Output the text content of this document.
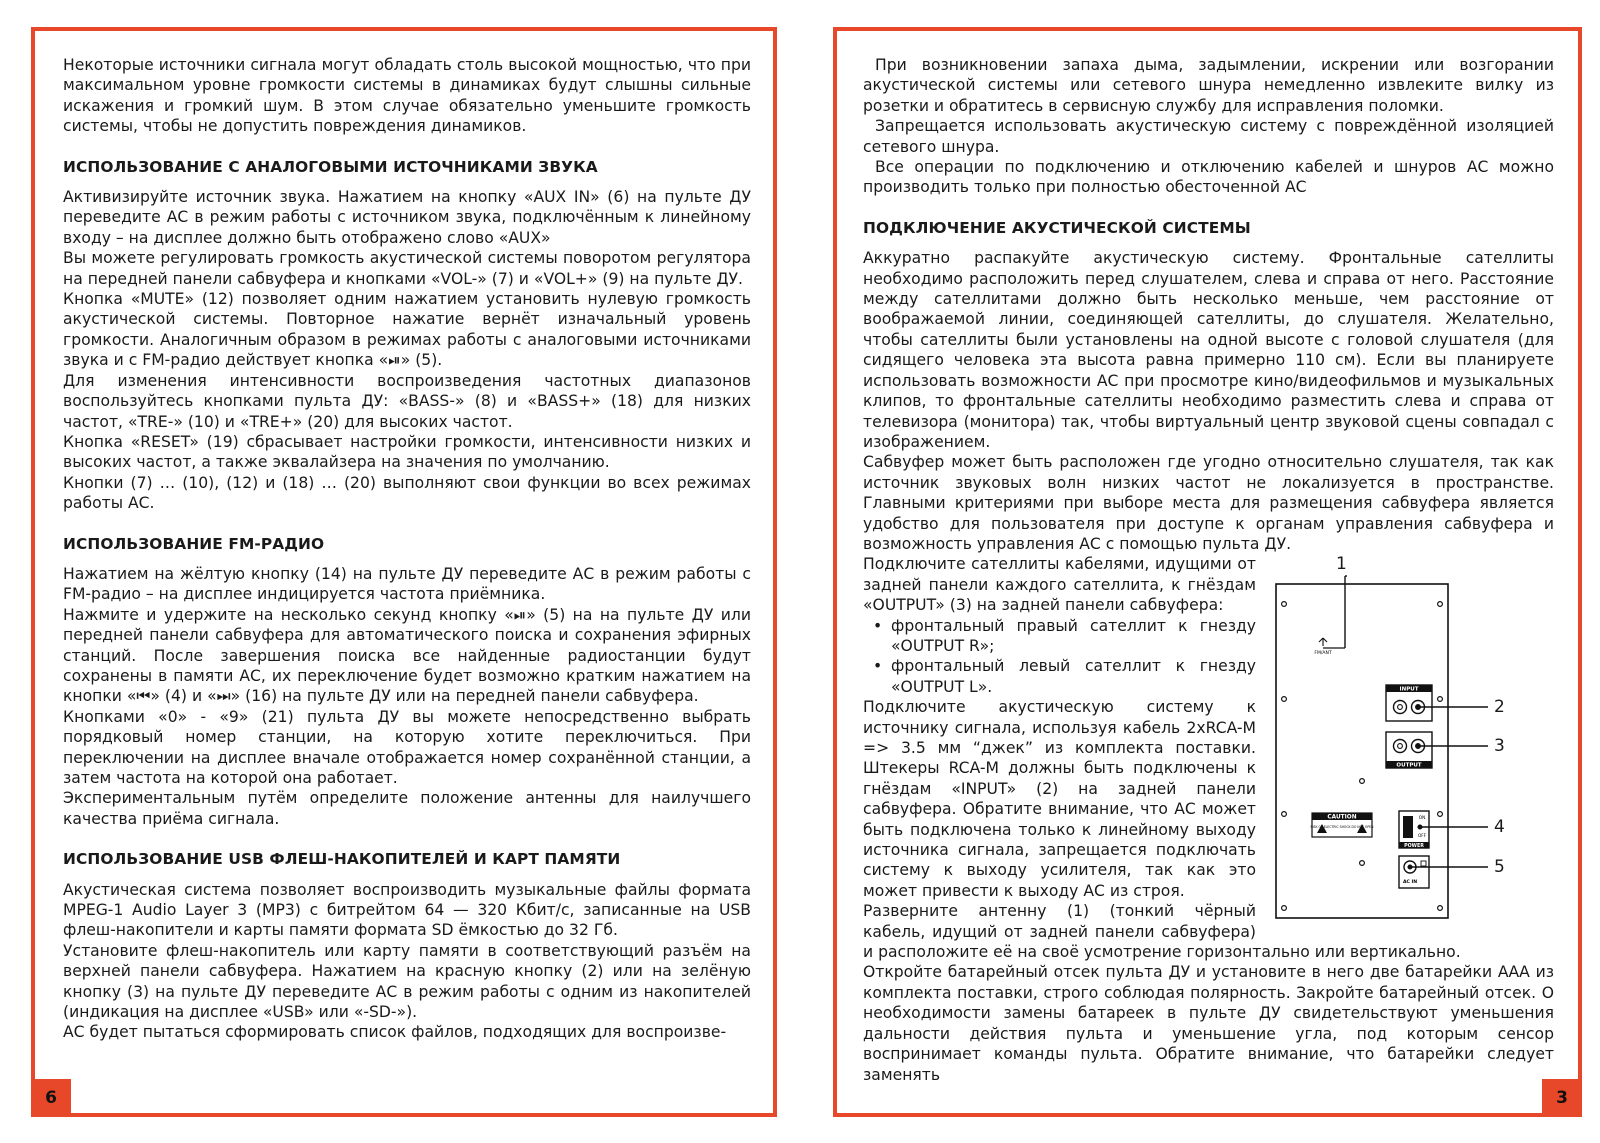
Некоторые источники сигнала могут обладать столь высокой мощностью, что при максимальном уровне громкости системы в динамиках будут слышны сильные искажения и громкий шум. В этом случае обязательно уменьшите громкость системы, чтобы не допустить повреждения динамиков.

ИСПОЛЬЗОВАНИЕ С АНАЛОГОВЫМИ ИСТОЧНИКАМИ ЗВУКА

Активизируйте источник звука. Нажатием на кнопку «AUX IN» (6) на пульте ДУ переведите АС в режим работы с источником звука, подключённым к линейному входу – на дисплее должно быть отображено слово «AUX»

Вы можете регулировать громкость акустической системы поворотом регулятора на передней панели сабвуфера и кнопками «VOL-» (7) и «VOL+» (9) на пульте ДУ.

Кнопка «MUTE» (12) позволяет одним нажатием установить нулевую громкость акустической системы. Повторное нажатие вернёт изначальный уровень громкости. Аналогичным образом в режимах работы с аналоговыми источниками звука и с FM-радио действует кнопка «⏯» (5).

Для изменения интенсивности воспроизведения частотных диапазонов воспользуйтесь кнопками пульта ДУ: «BASS-» (8) и «BASS+» (18) для низких частот, «TRE-» (10) и «TRE+» (20) для высоких частот.

Кнопка «RESET» (19) сбрасывает настройки громкости, интенсивности низких и высоких частот, а также эквалайзера на значения по умолчанию.

Кнопки (7) … (10), (12) и (18) … (20) выполняют свои функции во всех режимах работы АС.

ИСПОЛЬЗОВАНИЕ FM-РАДИО

Нажатием на жёлтую кнопку (14) на пульте ДУ переведите АС в режим работы с FM-радио – на дисплее индицируется частота приёмника.

Нажмите и удержите на несколько секунд кнопку «⏯» (5) на на пульте ДУ или передней панели сабвуфера для автоматического поиска и сохранения эфирных станций. После завершения поиска все найденные радиостанции будут сохранены в памяти АС, их переключение будет возможно кратким нажатием на кнопки «⏮» (4) и «⏭» (16) на пульте ДУ или на передней панели сабвуфера.

Кнопками «0» - «9» (21) пульта ДУ вы можете непосредственно выбрать порядковый номер станции, на которую хотите переключиться. При переключении на дисплее вначале отображается номер сохранённой станции, а затем частота на которой она работает.

Экспериментальным путём определите положение антенны для наилучшего качества приёма сигнала.

ИСПОЛЬЗОВАНИЕ USB ФЛЕШ-НАКОПИТЕЛЕЙ И КАРТ ПАМЯТИ

Акустическая система позволяет воспроизводить музыкальные файлы формата MPEG-1 Audio Layer 3 (MP3) с битрейтом 64 — 320 Кбит/с, записанные на USB флеш-накопители и карты памяти формата SD ёмкостью до 32 Гб.

Установите флеш-накопитель или карту памяти в соответствующий разъём на верхней панели сабвуфера. Нажатием на красную кнопку (2) или на зелёную кнопку (3) на пульте ДУ переведите АС в режим работы с одним из накопителей (индикация на дисплее «USB» или «-SD-»).

АС будет пытаться сформировать список файлов, подходящих для воспроизве-

6

При возникновении запаха дыма, задымлении, искрении или возгорании акустической системы или сетевого шнура немедленно извлеките вилку из розетки и обратитесь в сервисную службу для исправления поломки.

Запрещается использовать акустическую систему с повреждённой изоляцией сетевого шнура.

Все операции по подключению и отключению кабелей и шнуров АС можно производить только при полностью обесточенной АС

ПОДКЛЮЧЕНИЕ АКУСТИЧЕСКОЙ СИСТЕМЫ

Аккуратно распакуйте акустическую систему. Фронтальные сателлиты необходимо расположить перед слушателем, слева и справа от него. Расстояние между сателлитами должно быть несколько меньше, чем расстояние от воображаемой линии, соединяющей сателлиты, до слушателя. Желательно, чтобы сателлиты были установлены на одной высоте с головой слушателя (для сидящего человека эта высота равна примерно 110 см). Если вы планируете использовать возможности АС при просмотре кино/видеофильмов и музыкальных клипов, то фронтальные сателлиты необходимо разместить слева и справа от телевизора (монитора) так, чтобы виртуальный центр звуковой сцены совпадал с изображением.

Сабвуфер может быть расположен где угодно относительно слушателя, так как источник звуковых волн низких частот не локализуется в пространстве. Главными критериями при выборе места для размещения сабвуфера является удобство для пользователя при доступе к органам управления сабвуфера и возможность управления АС с помощью пульта ДУ.

FM/ANT
INPUT
OUTPUT
CAUTION
RISK OF ELECTRIC SHOCK DO NOT OPEN
POWER
ON
OFF
AC IN
1
2
3
4
5

Подключите сателлиты кабелями, идущими от задней панели каждого сателлита, к гнёздам «OUTPUT» (3) на задней панели сабвуфера:

• фронтальный правый сателлит к гнезду «OUTPUT R»;
• фронтальный левый сателлит к гнезду «OUTPUT L».

Подключите акустическую систему к источнику сигнала, используя кабель 2xRCA-M => 3.5 мм “джек” из комплекта поставки. Штекеры RCA-M должны быть подключены к гнёздам «INPUT» (2) на задней панели сабвуфера. Обратите внимание, что АС может быть подключена только к линейному выходу источника сигнала, запрещается подключать систему к выходу усилителя, так как это может привести к выходу АС из строя.

Разверните антенну (1) (тонкий чёрный кабель, идущий от задней панели сабвуфера) и расположите её на своё усмотрение горизонтально или вертикально.

Откройте батарейный отсек пульта ДУ и установите в него две батарейки ААА из комплекта поставки, строго соблюдая полярность. Закройте батарейный отсек. О необходимости замены батареек в пульте ДУ свидетельствуют уменьшения дальности действия пульта и уменьшение угла, под которым сенсор воспринимает команды пульта. Обратите внимание, что батарейки следует заменять

3
